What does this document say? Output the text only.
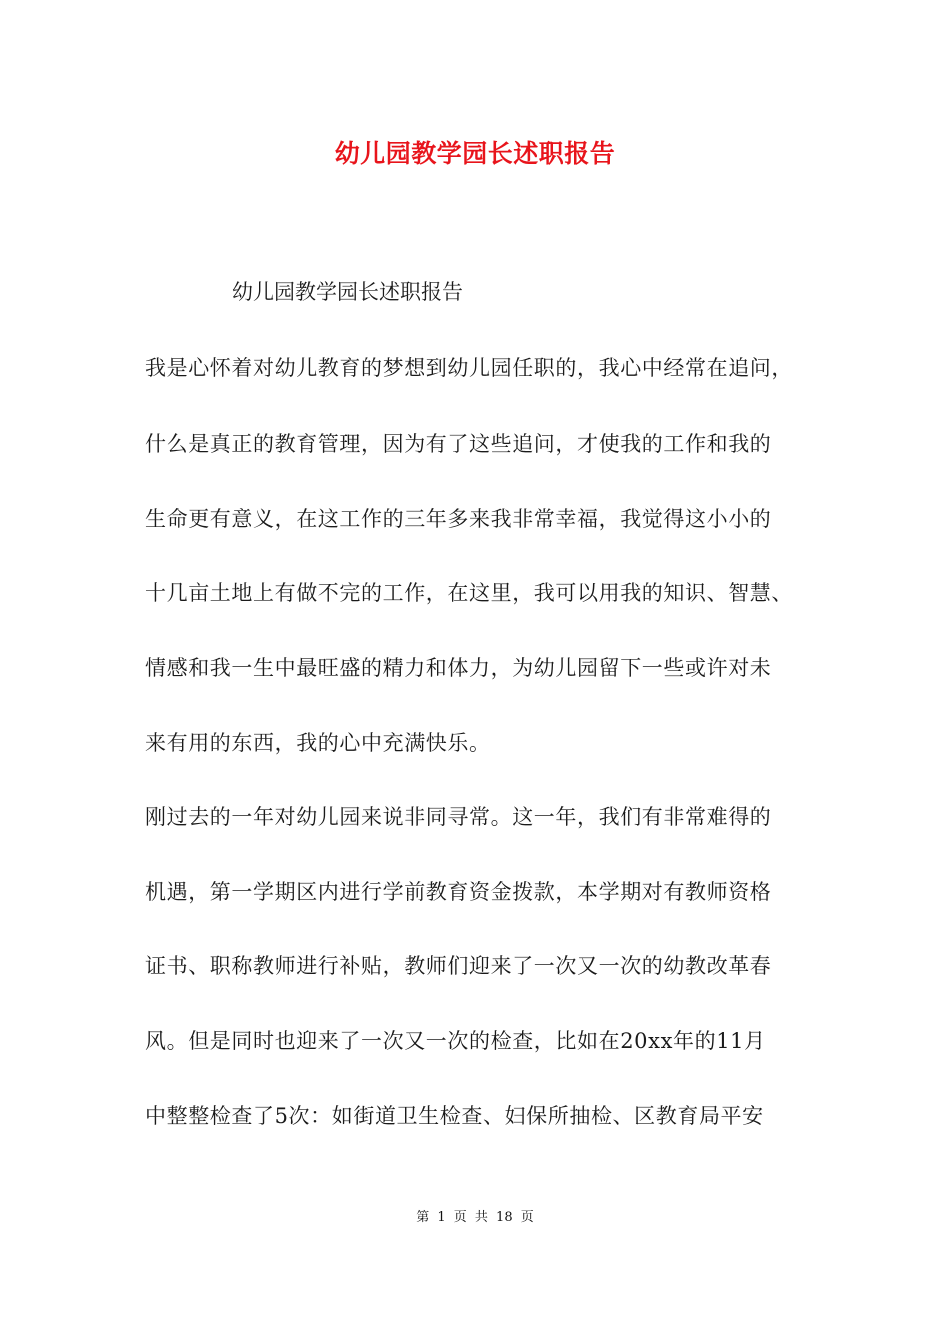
幼儿园教学园长述职报告
幼儿园教学园长述职报告
我是心怀着对幼儿教育的梦想到幼儿园任职的，我心中经常在追问，
什么是真正的教育管理，因为有了这些追问，才使我的工作和我的
生命更有意义，在这工作的三年多来我非常幸福，我觉得这小小的
十几亩土地上有做不完的工作，在这里，我可以用我的知识、智慧、
情感和我一生中最旺盛的精力和体力，为幼儿园留下一些或许对未
来有用的东西，我的心中充满快乐。
刚过去的一年对幼儿园来说非同寻常。这一年，我们有非常难得的
机遇，第一学期区内进行学前教育资金拨款，本学期对有教师资格
证书、职称教师进行补贴，教师们迎来了一次又一次的幼教改革春
风。但是同时也迎来了一次又一次的检查，比如在20xx年的11月
中整整检查了5次：如街道卫生检查、妇保所抽检、区教育局平安
第 1 页 共 18 页
